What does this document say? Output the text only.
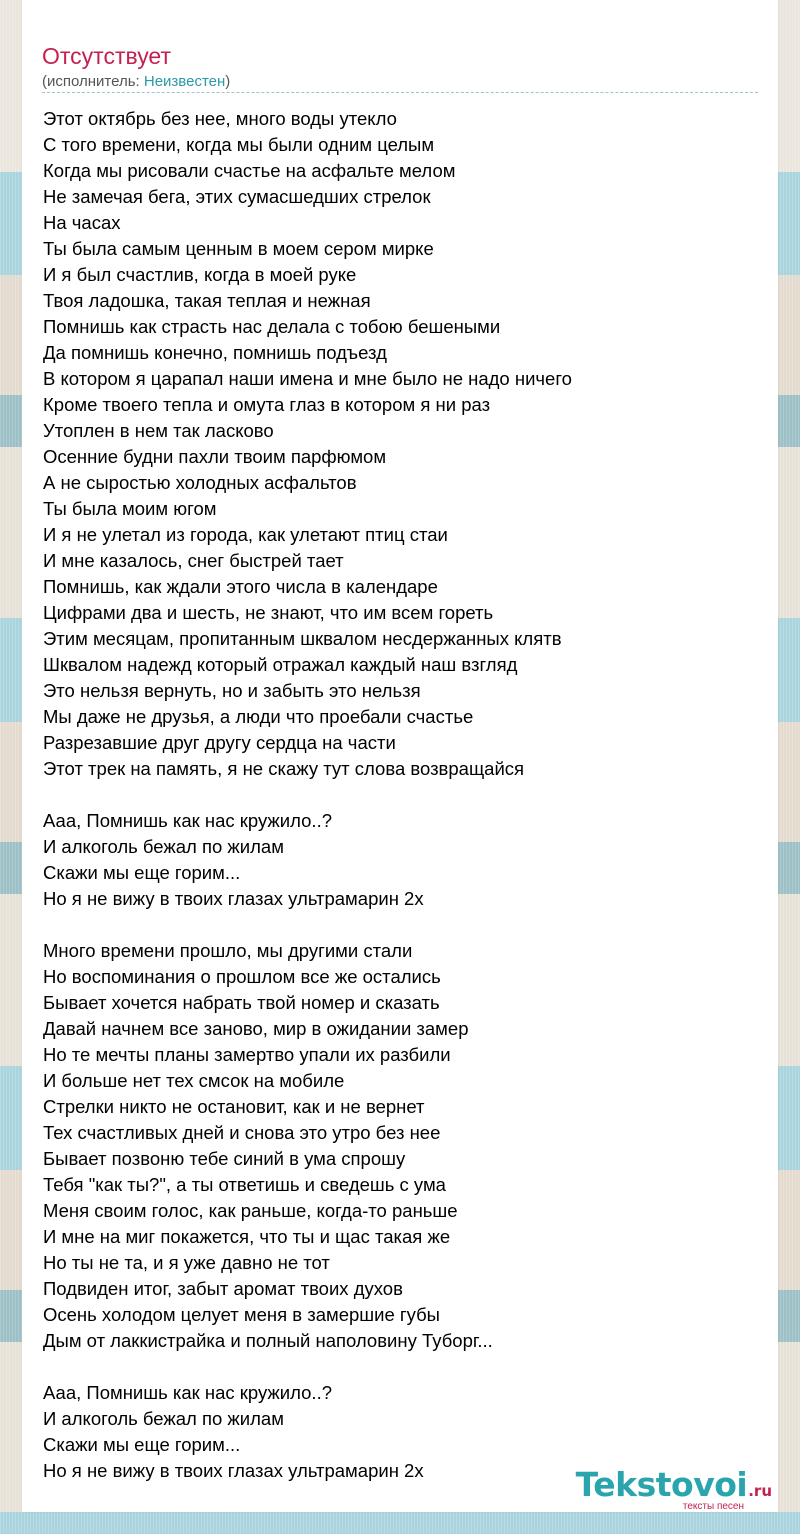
Отсутствует
(исполнитель: Неизвестен)
Этот октябрь без нее, много воды утекло
С того времени, когда мы были одним целым
Когда мы рисовали счастье на асфальте мелом
Не замечая бега, этих сумасшедших стрелок
На часах
Ты была самым ценным в моем сером мирке
И я был счастлив, когда в моей руке
Твоя ладошка, такая теплая и нежная
Помнишь как страсть нас делала с тобою бешеными
Да помнишь конечно, помнишь подъезд
В котором я царапал наши имена и мне было не надо ничего
Кроме твоего тепла и омута глаз в котором я ни раз
Утоплен в нем так ласково
Осенние будни пахли твоим парфюмом
А не сыростью холодных асфальтов
Ты была моим югом
И я не улетал из города, как улетают птиц стаи
И мне казалось, снег быстрей тает
Помнишь, как ждали этого числа в календаре
Цифрами два и шесть, не знают, что им всем гореть
Этим месяцам, пропитанным шквалом несдержанных клятв
Шквалом надежд который отражал каждый наш взгляд
Это нельзя вернуть, но и забыть это нельзя
Мы даже не друзья, а люди что проебали счастье
Разрезавшие друг другу сердца на части
Этот трек на память, я не скажу тут слова возвращайся
Ааа, Помнишь как нас кружило..?
И алкоголь бежал по жилам
Скажи мы еще горим...
Но я не вижу в твоих глазах ультрамарин 2х
Много времени прошло, мы другими стали
Но воспоминания о прошлом все же остались
Бывает хочется набрать твой номер и сказать
Давай начнем все заново, мир в ожидании замер
Но те мечты планы замертво упали их разбили
И больше нет тех смсок на мобиле
Стрелки никто не остановит, как и не вернет
Тех счастливых дней и снова это утро без нее
Бывает позвоню тебе синий в ума спрошу
Тебя "как ты?", а ты ответишь и сведешь с ума
Меня своим голос, как раньше, когда-то раньше
И мне на миг покажется, что ты и щас такая же
Но ты не та, и я уже давно не тот
Подвиден итог, забыт аромат твоих духов
Осень холодом целует меня в замершие губы
Дым от лаккистрайка и полный наполовину Туборг...
Ааа, Помнишь как нас кружило..?
И алкоголь бежал по жилам
Скажи мы еще горим...
Но я не вижу в твоих глазах ультрамарин 2х	Tekstovoi.ru
тексты песен
